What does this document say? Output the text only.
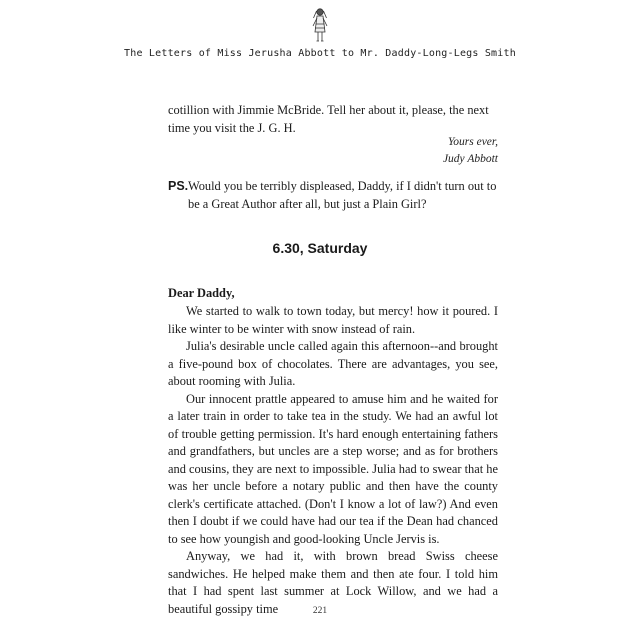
The Letters of Miss Jerusha Abbott to Mr. Daddy-Long-Legs Smith
cotillion with Jimmie McBride. Tell her about it, please, the next time you visit the J. G. H.
Yours ever,
Judy Abbott
PS. Would you be terribly displeased, Daddy, if I didn't turn out to be a Great Author after all, but just a Plain Girl?
6.30, Saturday
Dear Daddy,

We started to walk to town today, but mercy! how it poured. I like winter to be winter with snow instead of rain.

Julia's desirable uncle called again this afternoon--and brought a five-pound box of chocolates. There are advantages, you see, about rooming with Julia.

Our innocent prattle appeared to amuse him and he waited for a later train in order to take tea in the study. We had an awful lot of trouble getting permission. It's hard enough entertaining fathers and grandfathers, but uncles are a step worse; and as for brothers and cousins, they are next to impossible. Julia had to swear that he was her uncle before a notary public and then have the county clerk's certificate attached. (Don't I know a lot of law?) And even then I doubt if we could have had our tea if the Dean had chanced to see how youngish and good-looking Uncle Jervis is.

Anyway, we had it, with brown bread Swiss cheese sandwiches. He helped make them and then ate four. I told him that I had spent last summer at Lock Willow, and we had a beautiful gossipy time	221
